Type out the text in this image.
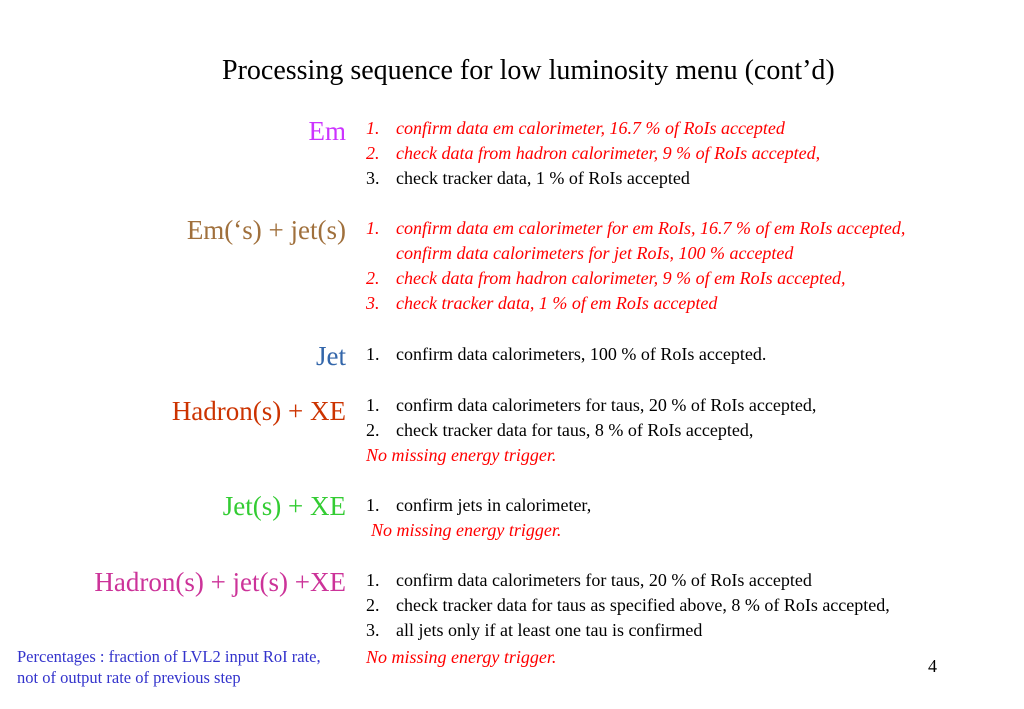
Processing sequence for low luminosity menu (cont’d)
Em 1. confirm data em calorimeter, 16.7 % of RoIs accepted
2. check data from hadron calorimeter, 9 % of RoIs accepted,
3. check tracker data, 1 % of RoIs accepted
Em(‘s) + jet(s) 1. confirm data em calorimeter for em RoIs, 16.7 % of em RoIs accepted,
confirm data calorimeters for jet RoIs, 100 % accepted
2. check data from hadron calorimeter, 9 % of em RoIs accepted,
3. check tracker data, 1 % of em RoIs accepted
Jet 1. confirm data calorimeters, 100 % of RoIs accepted.
Hadron(s) + XE 1. confirm data calorimeters for taus, 20 % of RoIs accepted,
2. check tracker data for taus, 8 % of RoIs accepted,
No missing energy trigger.
Jet(s) + XE 1. confirm jets in calorimeter,
No missing energy trigger.
Hadron(s) + jet(s) +XE 1. confirm data calorimeters for taus, 20 % of RoIs accepted
2. check tracker data for taus as specified above, 8 % of RoIs accepted,
3. all jets only if at least one tau is confirmed
No missing energy trigger.
Percentages : fraction of LVL2 input RoI rate, not of output rate of previous step
4
